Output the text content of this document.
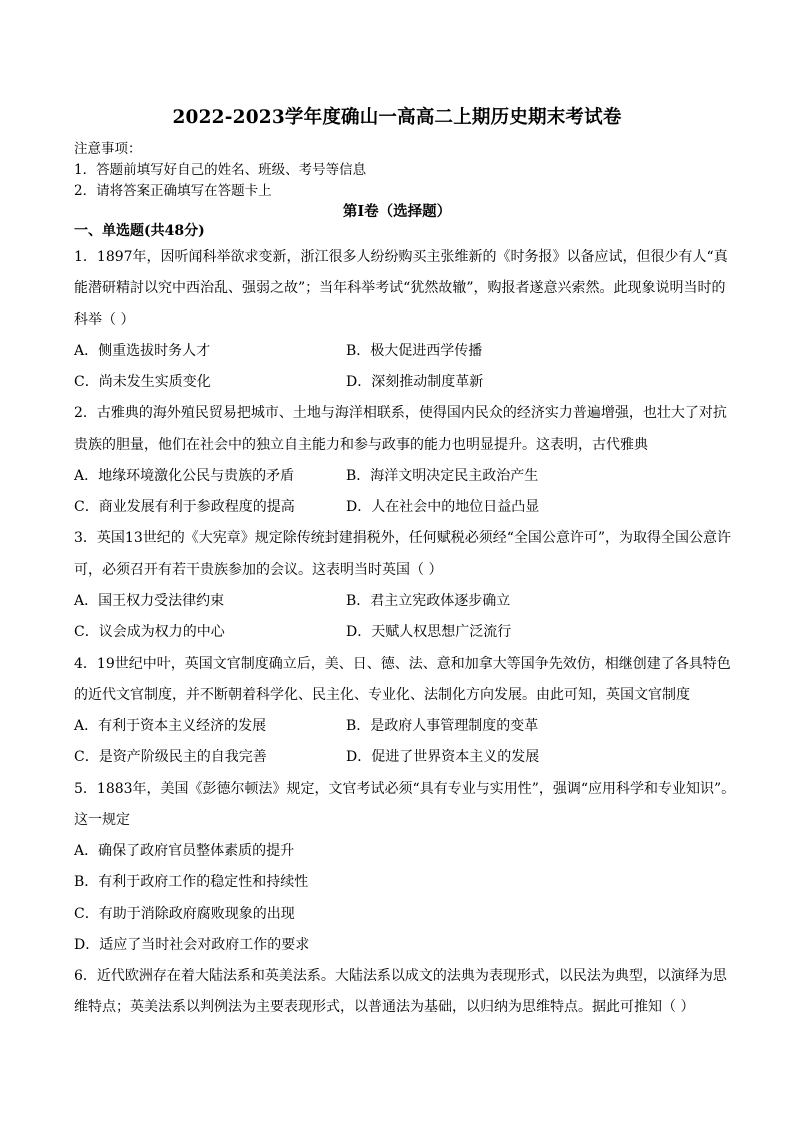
2022-2023学年度确山一高高二上期历史期末考试卷
注意事项：
1．答题前填写好自己的姓名、班级、考号等信息
2．请将答案正确填写在答题卡上
第I卷（选择题）
一、单选题(共48分)
1．1897年，因听闻科举欲求变新，浙江很多人纷纷购买主张维新的《时务报》以备应试，但很少有人“真
能潜研精討以究中西治乱、强弱之故”；当年科举考试“犹然故辙”，购报者遂意兴索然。此现象说明当时的
科举（ ）
A．侧重选拔时务人才	B．极大促进西学传播
C．尚未发生实质变化	D．深刻推动制度革新
2．古雅典的海外殖民贸易把城市、土地与海洋相联系，使得国内民众的经济实力普遍增强，也壮大了对抗
贵族的胆量，他们在社会中的独立自主能力和参与政事的能力也明显提升。这表明，古代雅典
A．地缘环境激化公民与贵族的矛盾	B．海洋文明决定民主政治产生
C．商业发展有利于参政程度的提高	D．人在社会中的地位日益凸显
3．英国13世纪的《大宪章》规定除传统封建捐税外，任何赋税必须经“全国公意许可”，为取得全国公意许
可，必须召开有若干贵族参加的会议。这表明当时英国（ ）
A．国王权力受法律约束	B．君主立宪政体逐步确立
C．议会成为权力的中心	D．天赋人权思想广泛流行
4．19世纪中叶，英国文官制度确立后，美、日、德、法、意和加拿大等国争先效仿，相继创建了各具特色
的近代文官制度，并不断朝着科学化、民主化、专业化、法制化方向发展。由此可知，英国文官制度
A．有利于资本主义经济的发展	B．是政府人事管理制度的变革
C．是资产阶级民主的自我完善	D．促进了世界资本主义的发展
5．1883年，美国《彭德尔顿法》规定，文官考试必须“具有专业与实用性”，强调“应用科学和专业知识”。
这一规定
A．确保了政府官员整体素质的提升
B．有利于政府工作的稳定性和持续性
C．有助于消除政府腐败现象的出现
D．适应了当时社会对政府工作的要求
6．近代欧洲存在着大陆法系和英美法系。大陆法系以成文的法典为表现形式，以民法为典型，以演绎为思
维特点；英美法系以判例法为主要表现形式，以普通法为基础，以归纳为思维特点。据此可推知（ ）
